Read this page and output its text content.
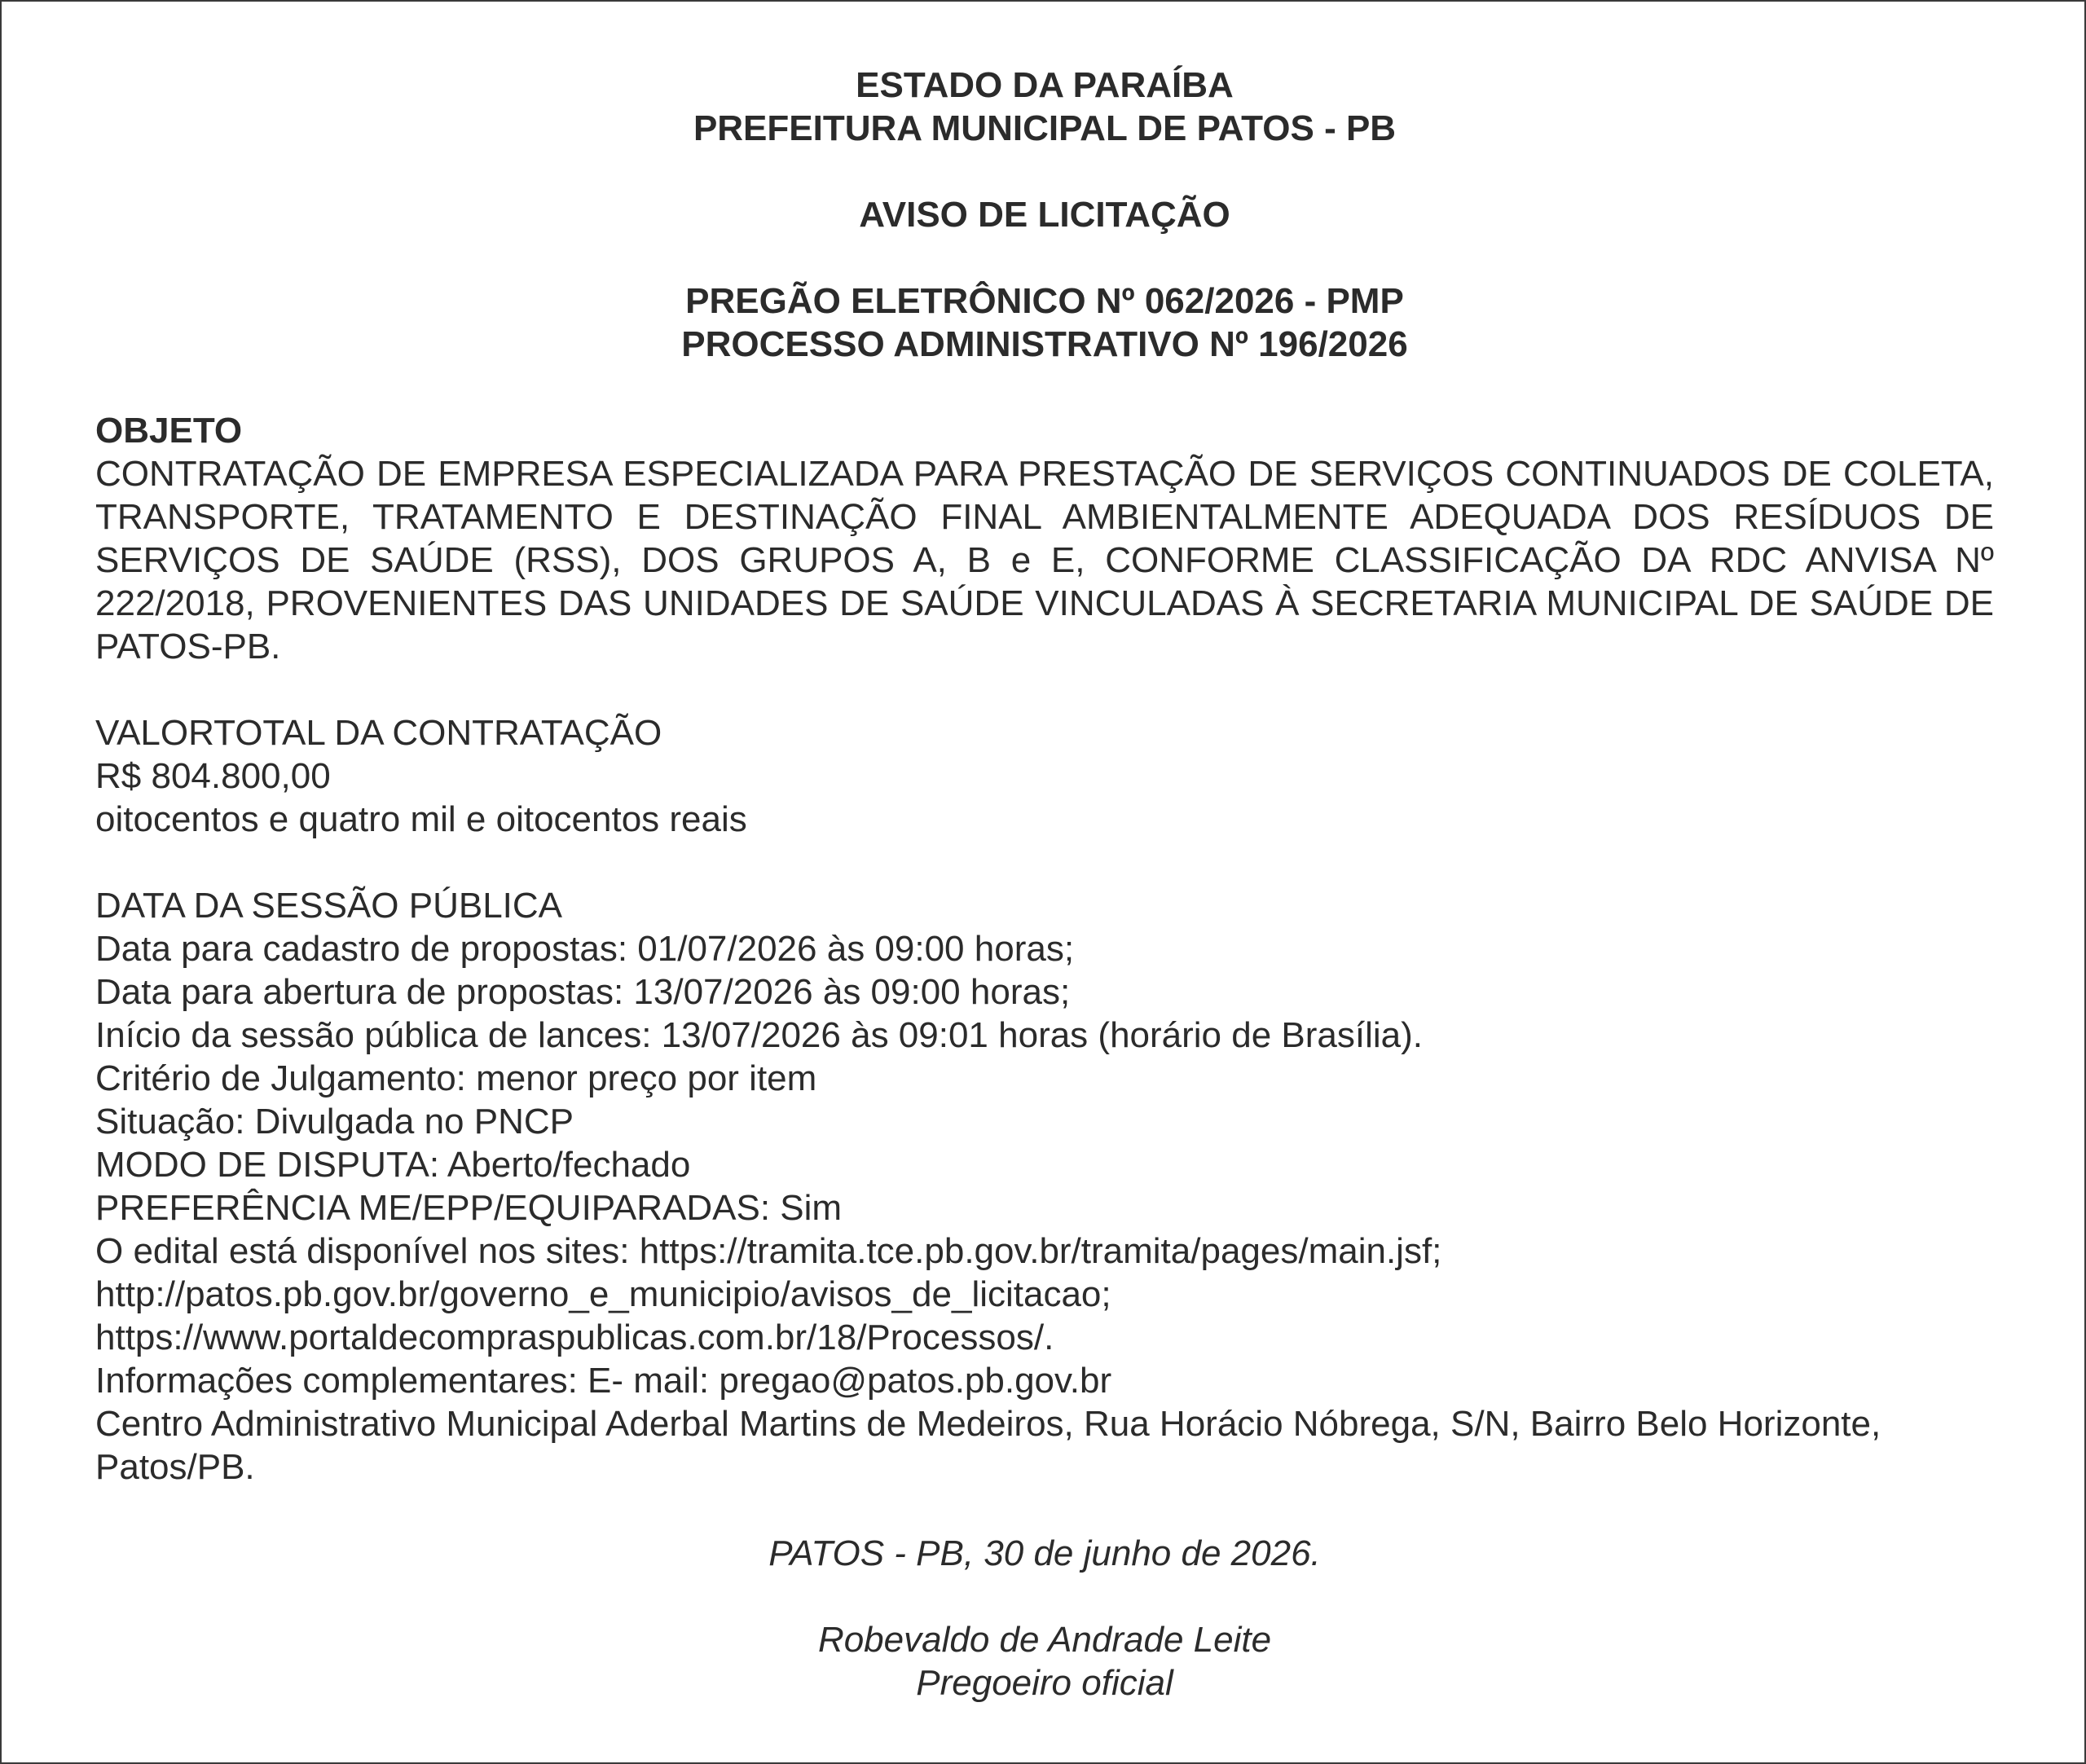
ESTADO DA PARAÍBA
PREFEITURA MUNICIPAL DE PATOS - PB
AVISO DE LICITAÇÃO
PREGÃO ELETRÔNICO Nº 062/2026 - PMP
PROCESSO ADMINISTRATIVO Nº 196/2026
OBJETO
CONTRATAÇÃO DE EMPRESA ESPECIALIZADA PARA PRESTAÇÃO DE SERVIÇOS CONTINUADOS DE COLETA, TRANSPORTE, TRATAMENTO E DESTINAÇÃO FINAL AMBIENTALMENTE ADEQUADA DOS RESÍDUOS DE SERVIÇOS DE SAÚDE (RSS), DOS GRUPOS A, B e E, CONFORME CLASSIFICAÇÃO DA RDC ANVISA Nº 222/2018, PROVENIENTES DAS UNIDADES DE SAÚDE VINCULADAS À SECRETARIA MUNICIPAL DE SAÚDE DE PATOS-PB.
VALORTOTAL DA CONTRATAÇÃO
R$ 804.800,00
oitocentos e quatro mil e oitocentos reais
DATA DA SESSÃO PÚBLICA
Data para cadastro de propostas: 01/07/2026 às 09:00 horas;
Data para abertura de propostas: 13/07/2026 às 09:00 horas;
Início da sessão pública de lances: 13/07/2026 às 09:01 horas (horário de Brasília).
Critério de Julgamento: menor preço por item
Situação: Divulgada no PNCP
MODO DE DISPUTA: Aberto/fechado
PREFERÊNCIA ME/EPP/EQUIPARADAS: Sim
O edital está disponível nos sites: https://tramita.tce.pb.gov.br/tramita/pages/main.jsf;
http://patos.pb.gov.br/governo_e_municipio/avisos_de_licitacao;
https://www.portaldecompraspublicas.com.br/18/Processos/.
Informações complementares: E- mail: pregao@patos.pb.gov.br
Centro Administrativo Municipal Aderbal Martins de Medeiros, Rua Horácio Nóbrega, S/N, Bairro Belo Horizonte, Patos/PB.
PATOS - PB, 30 de junho de 2026.
Robevaldo de Andrade Leite
Pregoeiro oficial
